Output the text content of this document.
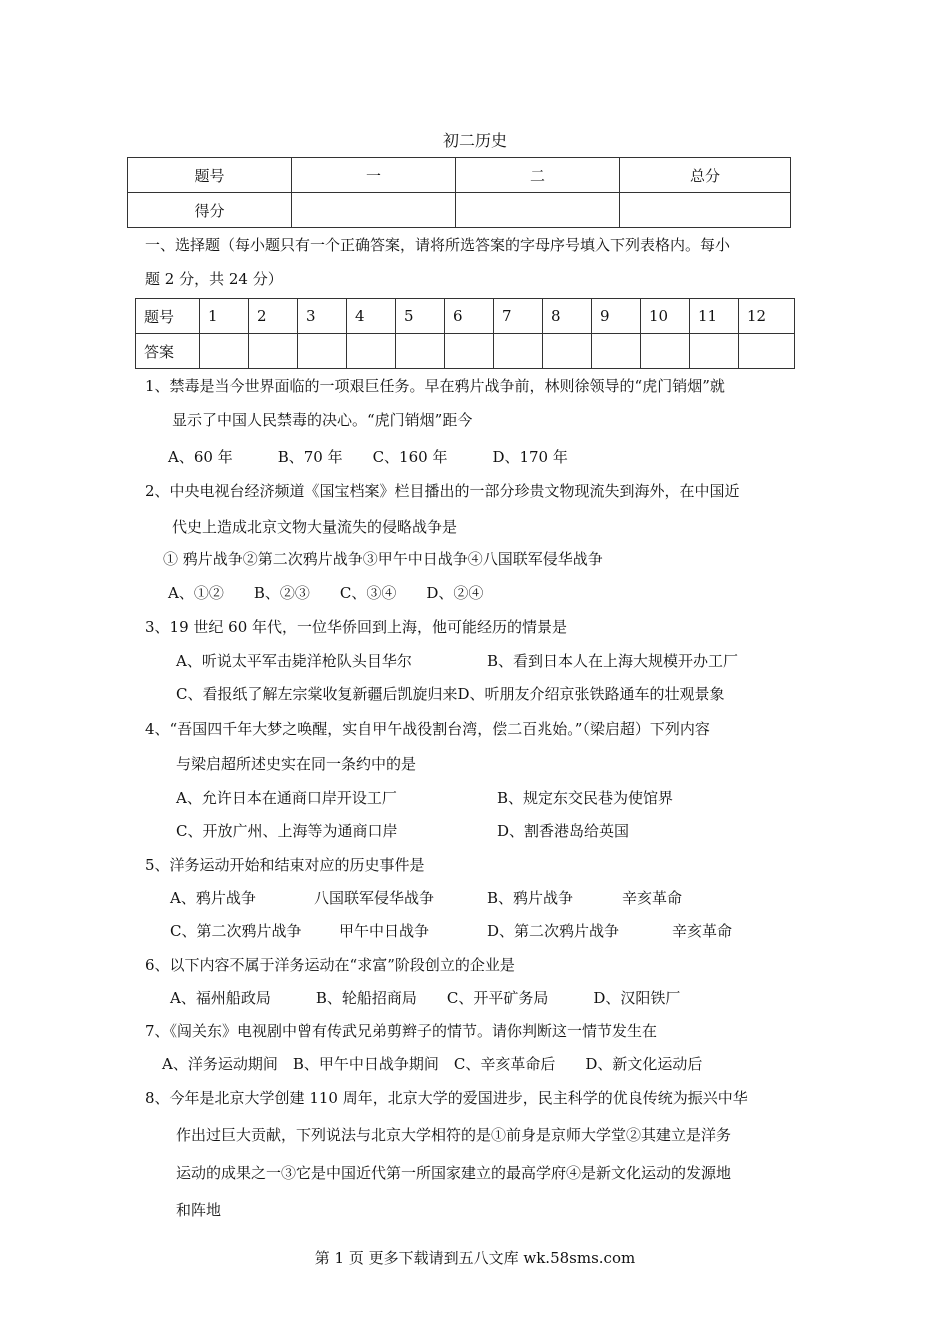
初二历史
题号	一	二	总分
得分			
一、选择题（每小题只有一个正确答案，请将所选答案的字母序号填入下列表格内。每小
题 2 分，共 24 分）
题号	1	2	3	4	5	6	7	8	9	10	11	12
答案												
1、禁毒是当今世界面临的一项艰巨任务。早在鸦片战争前，林则徐领导的“虎门销烟”就
显示了中国人民禁毒的决心。“虎门销烟”距今
A、60 年　　　B、70 年　　C、160 年　　　D、170 年
2、中央电视台经济频道《国宝档案》栏目播出的一部分珍贵文物现流失到海外，在中国近
代史上造成北京文物大量流失的侵略战争是
① 鸦片战争②第二次鸦片战争③甲午中日战争④八国联军侵华战争
A、①②　　B、②③　　C、③④　　D、②④
3、19 世纪 60 年代，一位华侨回到上海，他可能经历的情景是
A、听说太平军击毙洋枪队头目华尔	B、看到日本人在上海大规模开办工厂
C、看报纸了解左宗棠收复新疆后凯旋归来D、听朋友介绍京张铁路通车的壮观景象
4、“吾国四千年大梦之唤醒，实自甲午战役割台湾，偿二百兆始。”（梁启超）下列内容
与梁启超所述史实在同一条约中的是
A、允许日本在通商口岸开设工厂	B、规定东交民巷为使馆界
C、开放广州、上海等为通商口岸	D、割香港岛给英国
5、洋务运动开始和结束对应的历史事件是
A、鸦片战争	八国联军侵华战争	B、鸦片战争	辛亥革命
C、第二次鸦片战争	甲午中日战争	D、第二次鸦片战争	辛亥革命
6、以下内容不属于洋务运动在“求富”阶段创立的企业是
A、福州船政局　　　B、轮船招商局　　C、开平矿务局　　　D、汉阳铁厂
7、《闯关东》电视剧中曾有传武兄弟剪辫子的情节。请你判断这一情节发生在
A、洋务运动期间　B、甲午中日战争期间　C、辛亥革命后　　D、新文化运动后
8、今年是北京大学创建 110 周年，北京大学的爱国进步，民主科学的优良传统为振兴中华
作出过巨大贡献，下列说法与北京大学相符的是①前身是京师大学堂②其建立是洋务
运动的成果之一③它是中国近代第一所国家建立的最高学府④是新文化运动的发源地
和阵地
第 1 页 更多下载请到五八文库 wk.58sms.com
